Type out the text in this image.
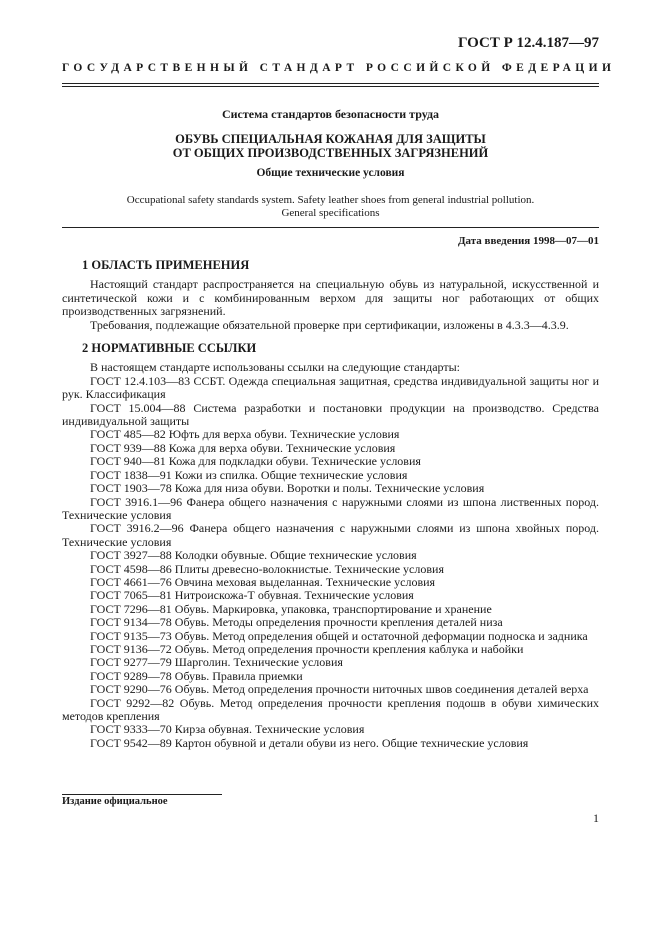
ГОСТ Р 12.4.187—97
ГОСУДАРСТВЕННЫЙ СТАНДАРТ РОССИЙСКОЙ ФЕДЕРАЦИИ
Система стандартов безопасности труда
ОБУВЬ СПЕЦИАЛЬНАЯ КОЖАНАЯ ДЛЯ ЗАЩИТЫ
ОТ ОБЩИХ ПРОИЗВОДСТВЕННЫХ ЗАГРЯЗНЕНИЙ
Общие технические условия
Occupational safety standards system. Safety leather shoes from general industrial pollution.
General specifications
Дата введения 1998—07—01
1 ОБЛАСТЬ ПРИМЕНЕНИЯ

Настоящий стандарт распространяется на специальную обувь из натуральной, искусственной и синтетической кожи и с комбинированным верхом для защиты ног работающих от общих производственных загрязнений.

Требования, подлежащие обязательной проверке при сертификации, изложены в 4.3.3—4.3.9.

2 НОРМАТИВНЫЕ ССЫЛКИ

В настоящем стандарте использованы ссылки на следующие стандарты:

ГОСТ 12.4.103—83 ССБТ. Одежда специальная защитная, средства индивидуальной защиты ног и рук. Классификация

ГОСТ 15.004—88 Система разработки и постановки продукции на производство. Средства индивидуальной защиты

ГОСТ 485—82 Юфть для верха обуви. Технические условия

ГОСТ 939—88 Кожа для верха обуви. Технические условия

ГОСТ 940—81 Кожа для подкладки обуви. Технические условия

ГОСТ 1838—91 Кожи из спилка. Общие технические условия

ГОСТ 1903—78 Кожа для низа обуви. Воротки и полы. Технические условия

ГОСТ 3916.1—96 Фанера общего назначения с наружными слоями из шпона лиственных пород. Технические условия

ГОСТ 3916.2—96 Фанера общего назначения с наружными слоями из шпона хвойных пород. Технические условия

ГОСТ 3927—88 Колодки обувные. Общие технические условия

ГОСТ 4598—86 Плиты древесно-волокнистые. Технические условия

ГОСТ 4661—76 Овчина меховая выделанная. Технические условия

ГОСТ 7065—81 Нитроискожа-Т обувная. Технические условия

ГОСТ 7296—81 Обувь. Маркировка, упаковка, транспортирование и хранение

ГОСТ 9134—78 Обувь. Методы определения прочности крепления деталей низа

ГОСТ 9135—73 Обувь. Метод определения общей и остаточной деформации подноска и задника

ГОСТ 9136—72 Обувь. Метод определения прочности крепления каблука и набойки

ГОСТ 9277—79 Шарголин. Технические условия

ГОСТ 9289—78 Обувь. Правила приемки

ГОСТ 9290—76 Обувь. Метод определения прочности ниточных швов соединения деталей верха

ГОСТ 9292—82 Обувь. Метод определения прочности крепления подошв в обуви химических методов крепления

ГОСТ 9333—70 Кирза обувная. Технические условия

ГОСТ 9542—89 Картон обувной и детали обуви из него. Общие технические условия

Издание официальное
1
